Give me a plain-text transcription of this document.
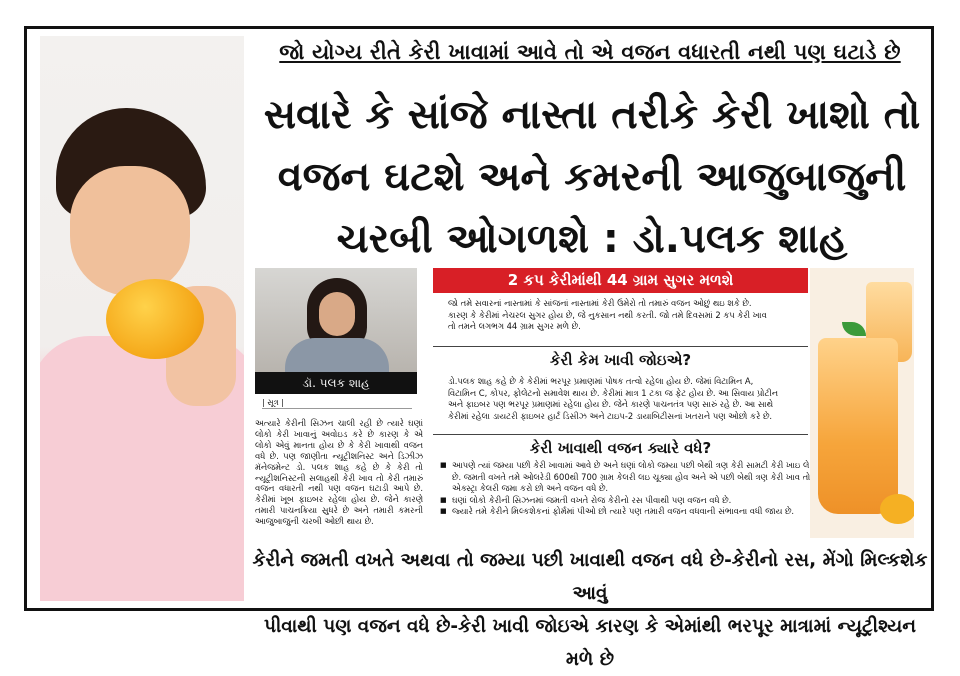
જો યોગ્ય રીતે કેરી ખાવામાં આવે તો એ વજન વધારતી નથી પણ ઘટાડે છે
સવારે કે સાંજે નાસ્તા તરીકે કેરી ખાશો તો
વજન ઘટશે અને કમરની આજુબાજુની
ચરબી ઓગળશે : ડો.પલક શાહ
ડૉ. પલક શાહ
| સૂત્ર |
અત્યારે કેરીની સિઝન ચાલી રહી છે ત્યારે ઘણાં લોકો કેરી ખાવાનું અવોઇડ કરે છે કારણ કે એ લોકો એવું માનતા હોય છે કે કેરી ખાવાથી વજન વધે છે. પણ જાણીતા ન્યૂટ્રીશનિસ્ટ અને ડિઝીઝ મૅનેજમેન્ટ ડો. પલક શાહ કહે છે કે કેરી તો ન્યૂટ્રીશનિસ્ટની સલાહથી કેરી ખાવ તો કેરી તમારું વજન વધારતી નથી પણ વજન ઘટાડી આપે છે. કેરીમાં ખૂબ ફાઇબર રહેલા હોય છે. જેને કારણે તમારી પાચનક્રિયા સુધરે છે અને તમારી કમરની આજુબાજુની ચરબી ઓછી થાય છે.
2 કપ કેરીમાંથી 44 ગ્રામ સુગર મળશે
જો તમે સવારનાં નાસ્તામાં કે સાંજનાં નાસ્તામાં કેરી ઉમેરો તો તમારું વજન ઓછું થઇ શકે છે.
કારણ કે કેરીમાં નેચરલ સુગર હોય છે, જે નુકસાન નથી કરતી. જો તમે દિવસમાં 2 કપ કેરી ખાવ
તો તમને લગભગ 44 ગ્રામ સુગર મળે છે.
કેરી કેમ ખાવી જોઇએ?
ડો.પલક શાહ કહે છે કે કેરીમાં ભરપૂર પ્રમાણમાં પોષક તત્વો રહેલા હોય છે. જેમાં વિટામિન A,
વિટામિન C, કોપર, ફોલેટનો સમાવેશ થાય છે. કેરીમાં માત્ર 1 ટકા જ ફેટ હોય છે. આ સિવાય પ્રોટીન
અને ફાઇબર પણ ભરપૂર પ્રમાણમાં રહેલા હોય છે. જેને કારણે પાચનતંત્ર પણ સારું રહે છે. આ સાથે
કેરીમાં રહેલા ડાયટરી ફાઇબર હાર્ટ ડિસીઝ અને ટાઇપ-2 ડાયાબિટીસનાં ખતરાને પણ ઓછો કરે છે.
કેરી ખાવાથી વજન ક્યારે વધે?
■ આપણે ત્યાં જમ્યા પછી કેરી ખાવામાં આવે છે અને ઘણાં લોકો જમ્યા પછી બેથી ત્રણ કેરી સામટી કેરી ખાઇ લે છે. જમતી વખતે તમે ઓલરેડી 600થી 700 ગ્રામ કેલરી લઇ ચૂક્યા હોવ અને એ પછી બેથી ત્રણ કેરી ખાવ તો એક્સ્ટ્રા કેલરી જમા કરો છો અને વજન વધે છે.
■ ઘણાં લોકો કેરીની સિઝનમાં જમતી વખતે રોજ કેરીનો રસ પીવાથી પણ વજન વધે છે.
■ જ્યારે તમે કેરીને મિલ્કશેકનાં ફોર્મમાં પીઓ છો ત્યારે પણ તમારી વજન વધવાની સંભાવના વધી જાય છે.
કેરીને જમતી વખતે અથવા તો જમ્યા પછી ખાવાથી વજન વધે છે-કેરીનો રસ, મેંગો મિલ્કશેક આવું
પીવાથી પણ વજન વધે છે-કેરી ખાવી જોઇએ કારણ કે એમાંથી ભરપૂર માત્રામાં ન્યૂટ્રીશ્યન મળે છે
